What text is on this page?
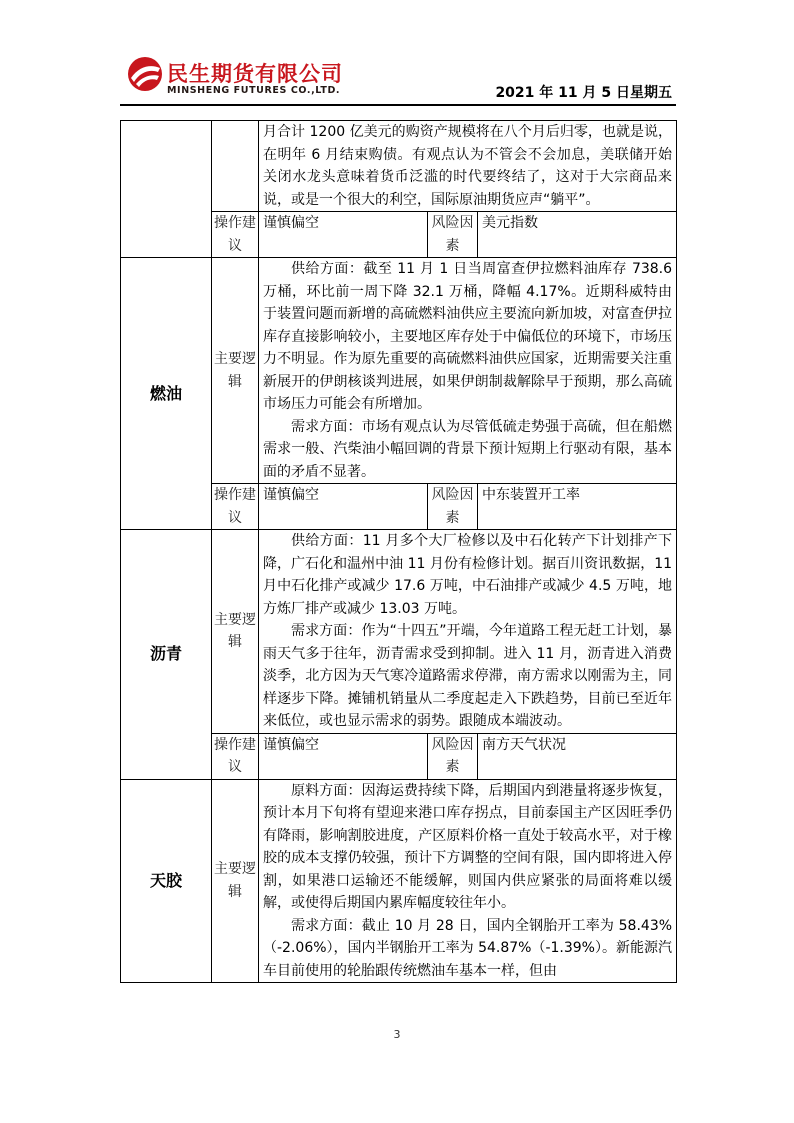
民生期货有限公司
MINSHENG FUTURES CO.,LTD.	2021 年 11 月 5 日星期五

		月合计 1200 亿美元的购资产规模将在八个月后归零，也就是说，在明年 6 月结束购债。有观点认为不管会不会加息，美联储开始关闭水龙头意味着货币泛滥的时代要终结了，这对于大宗商品来说，或是一个很大的利空，国际原油期货应声“躺平”。		

	操作建议	谨慎偏空	风险因素	美元指数
燃油	主要逻辑	供给方面：截至 11 月 1 日当周富查伊拉燃料油库存 738.6 万桶，环比前一周下降 32.1 万桶，降幅 4.17%。近期科威特由于装置问题而新增的高硫燃料油供应主要流向新加坡，对富查伊拉库存直接影响较小，主要地区库存处于中偏低位的环境下，市场压力不明显。作为原先重要的高硫燃料油供应国家，近期需要关注重新展开的伊朗核谈判进展，如果伊朗制裁解除早于预期，那么高硫市场压力可能会有所增加。

需求方面：市场有观点认为尽管低硫走势强于高硫，但在船燃需求一般、汽柴油小幅回调的背景下预计短期上行驱动有限，基本面的矛盾不显著。		

	操作建议	谨慎偏空	风险因素	中东装置开工率
沥青	主要逻辑	供给方面：11 月多个大厂检修以及中石化转产下计划排产下降，广石化和温州中油 11 月份有检修计划。据百川资讯数据，11 月中石化排产或减少 17.6 万吨，中石油排产或减少 4.5 万吨，地方炼厂排产或减少 13.03 万吨。

需求方面：作为“十四五”开端，今年道路工程无赶工计划，暴雨天气多于往年，沥青需求受到抑制。进入 11 月，沥青进入消费淡季，北方因为天气寒冷道路需求停滞，南方需求以刚需为主，同样逐步下降。摊铺机销量从二季度起走入下跌趋势，目前已至近年来低位，或也显示需求的弱势。跟随成本端波动。		

	操作建议	谨慎偏空	风险因素	南方天气状况
天胶	主要逻辑	原料方面：因海运费持续下降，后期国内到港量将逐步恢复，预计本月下旬将有望迎来港口库存拐点，目前泰国主产区因旺季仍有降雨，影响割胶进度，产区原料价格一直处于较高水平，对于橡胶的成本支撑仍较强，预计下方调整的空间有限，国内即将进入停割，如果港口运输还不能缓解，则国内供应紧张的局面将难以缓解，或使得后期国内累库幅度较往年小。

需求方面：截止 10 月 28 日，国内全钢胎开工率为 58.43%（-2.06%），国内半钢胎开工率为 54.87%（-1.39%）。新能源汽车目前使用的轮胎跟传统燃油车基本一样，但由		

3
